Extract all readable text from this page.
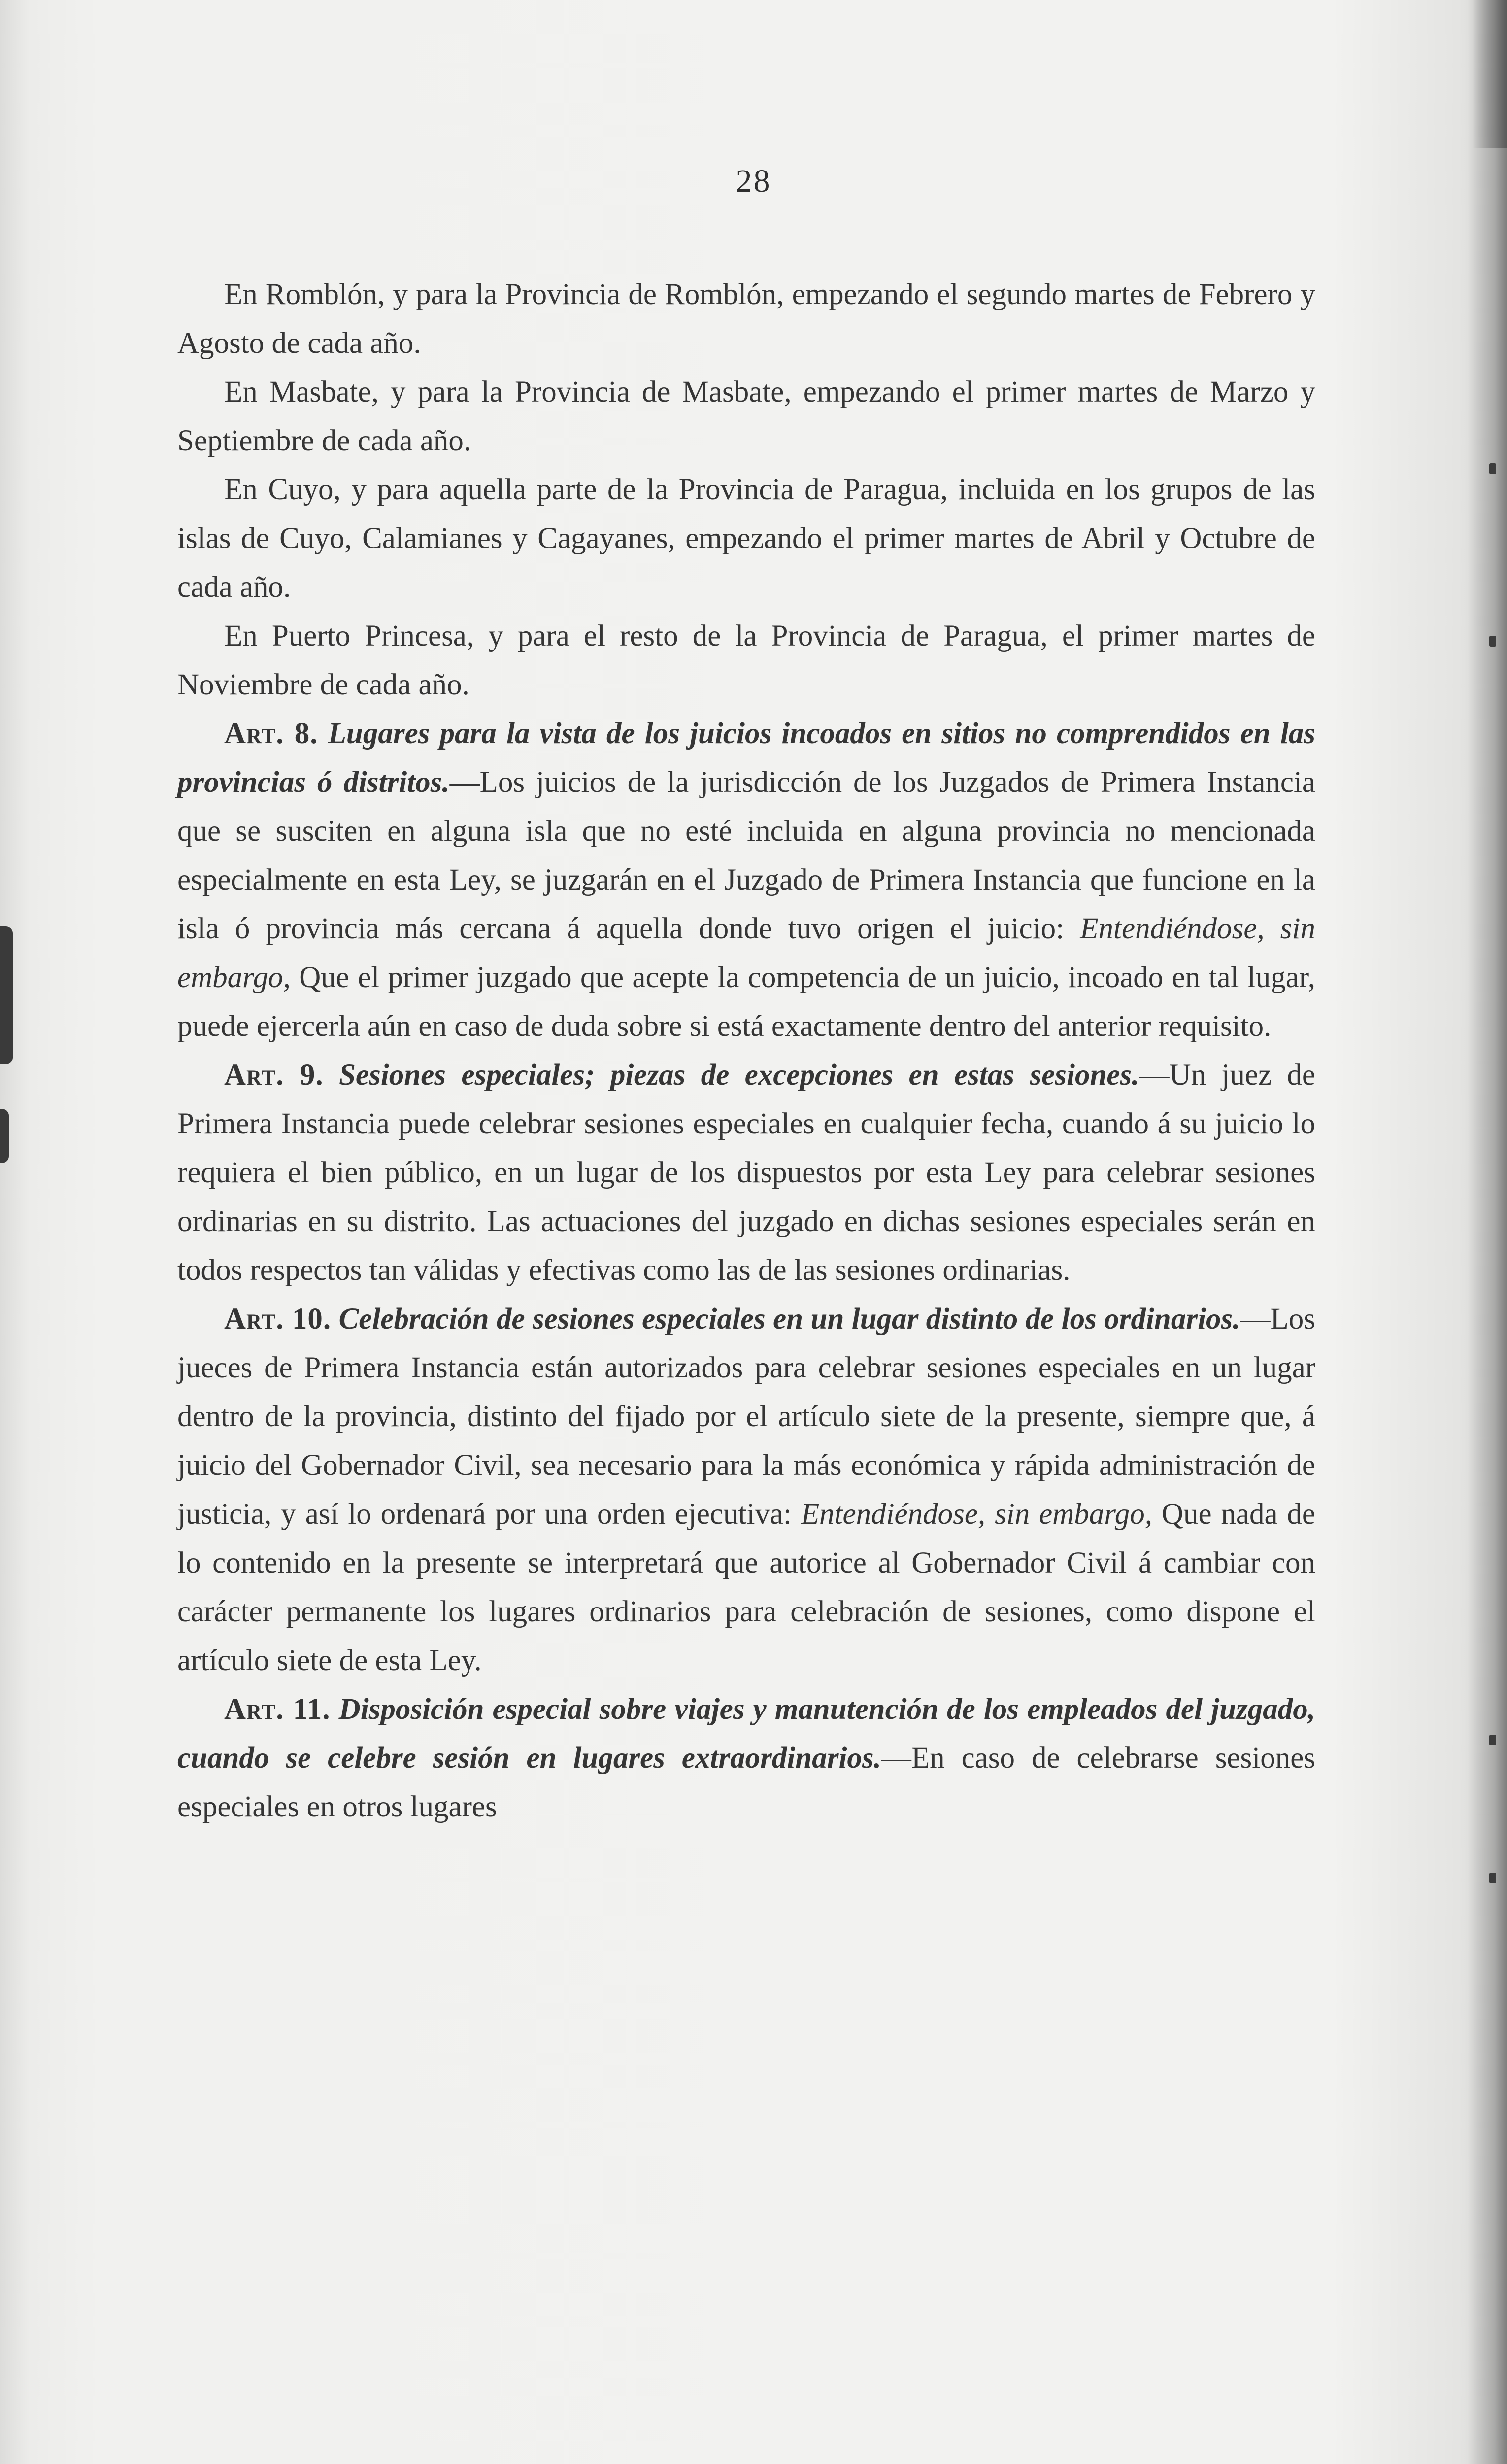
28

En Romblón, y para la Provincia de Romblón, empezando el segundo martes de Febrero y Agosto de cada año.

En Masbate, y para la Provincia de Masbate, empezando el primer martes de Marzo y Septiembre de cada año.

En Cuyo, y para aquella parte de la Provincia de Paragua, incluida en los grupos de las islas de Cuyo, Calamianes y Cagayanes, empezando el primer martes de Abril y Octubre de cada año.

En Puerto Princesa, y para el resto de la Provincia de Paragua, el primer martes de Noviembre de cada año.

Art. 8. Lugares para la vista de los juicios incoados en sitios no comprendidos en las provincias ó distritos.—Los juicios de la jurisdicción de los Juzgados de Primera Instancia que se susciten en alguna isla que no esté incluida en alguna provincia no mencionada especialmente en esta Ley, se juzgarán en el Juzgado de Primera Instancia que funcione en la isla ó provincia más cercana á aquella donde tuvo origen el juicio: Entendiéndose, sin embargo, Que el primer juzgado que acepte la competencia de un juicio, incoado en tal lugar, puede ejercerla aún en caso de duda sobre si está exactamente dentro del anterior requisito.

Art. 9. Sesiones especiales; piezas de excepciones en estas sesiones.—Un juez de Primera Instancia puede celebrar sesiones especiales en cualquier fecha, cuando á su juicio lo requiera el bien público, en un lugar de los dispuestos por esta Ley para celebrar sesiones ordinarias en su distrito. Las actuaciones del juzgado en dichas sesiones especiales serán en todos respectos tan válidas y efectivas como las de las sesiones ordinarias.

Art. 10. Celebración de sesiones especiales en un lugar distinto de los ordinarios.—Los jueces de Primera Instancia están autorizados para celebrar sesiones especiales en un lugar dentro de la provincia, distinto del fijado por el artículo siete de la presente, siempre que, á juicio del Gobernador Civil, sea necesario para la más económica y rápida administración de justicia, y así lo ordenará por una orden ejecutiva: Entendiéndose, sin embargo, Que nada de lo contenido en la presente se interpretará que autorice al Gobernador Civil á cambiar con carácter permanente los lugares ordinarios para celebración de sesiones, como dispone el artículo siete de esta Ley.

Art. 11. Disposición especial sobre viajes y manutención de los empleados del juzgado, cuando se celebre sesión en lugares extraordinarios.—En caso de celebrarse sesiones especiales en otros lugares
